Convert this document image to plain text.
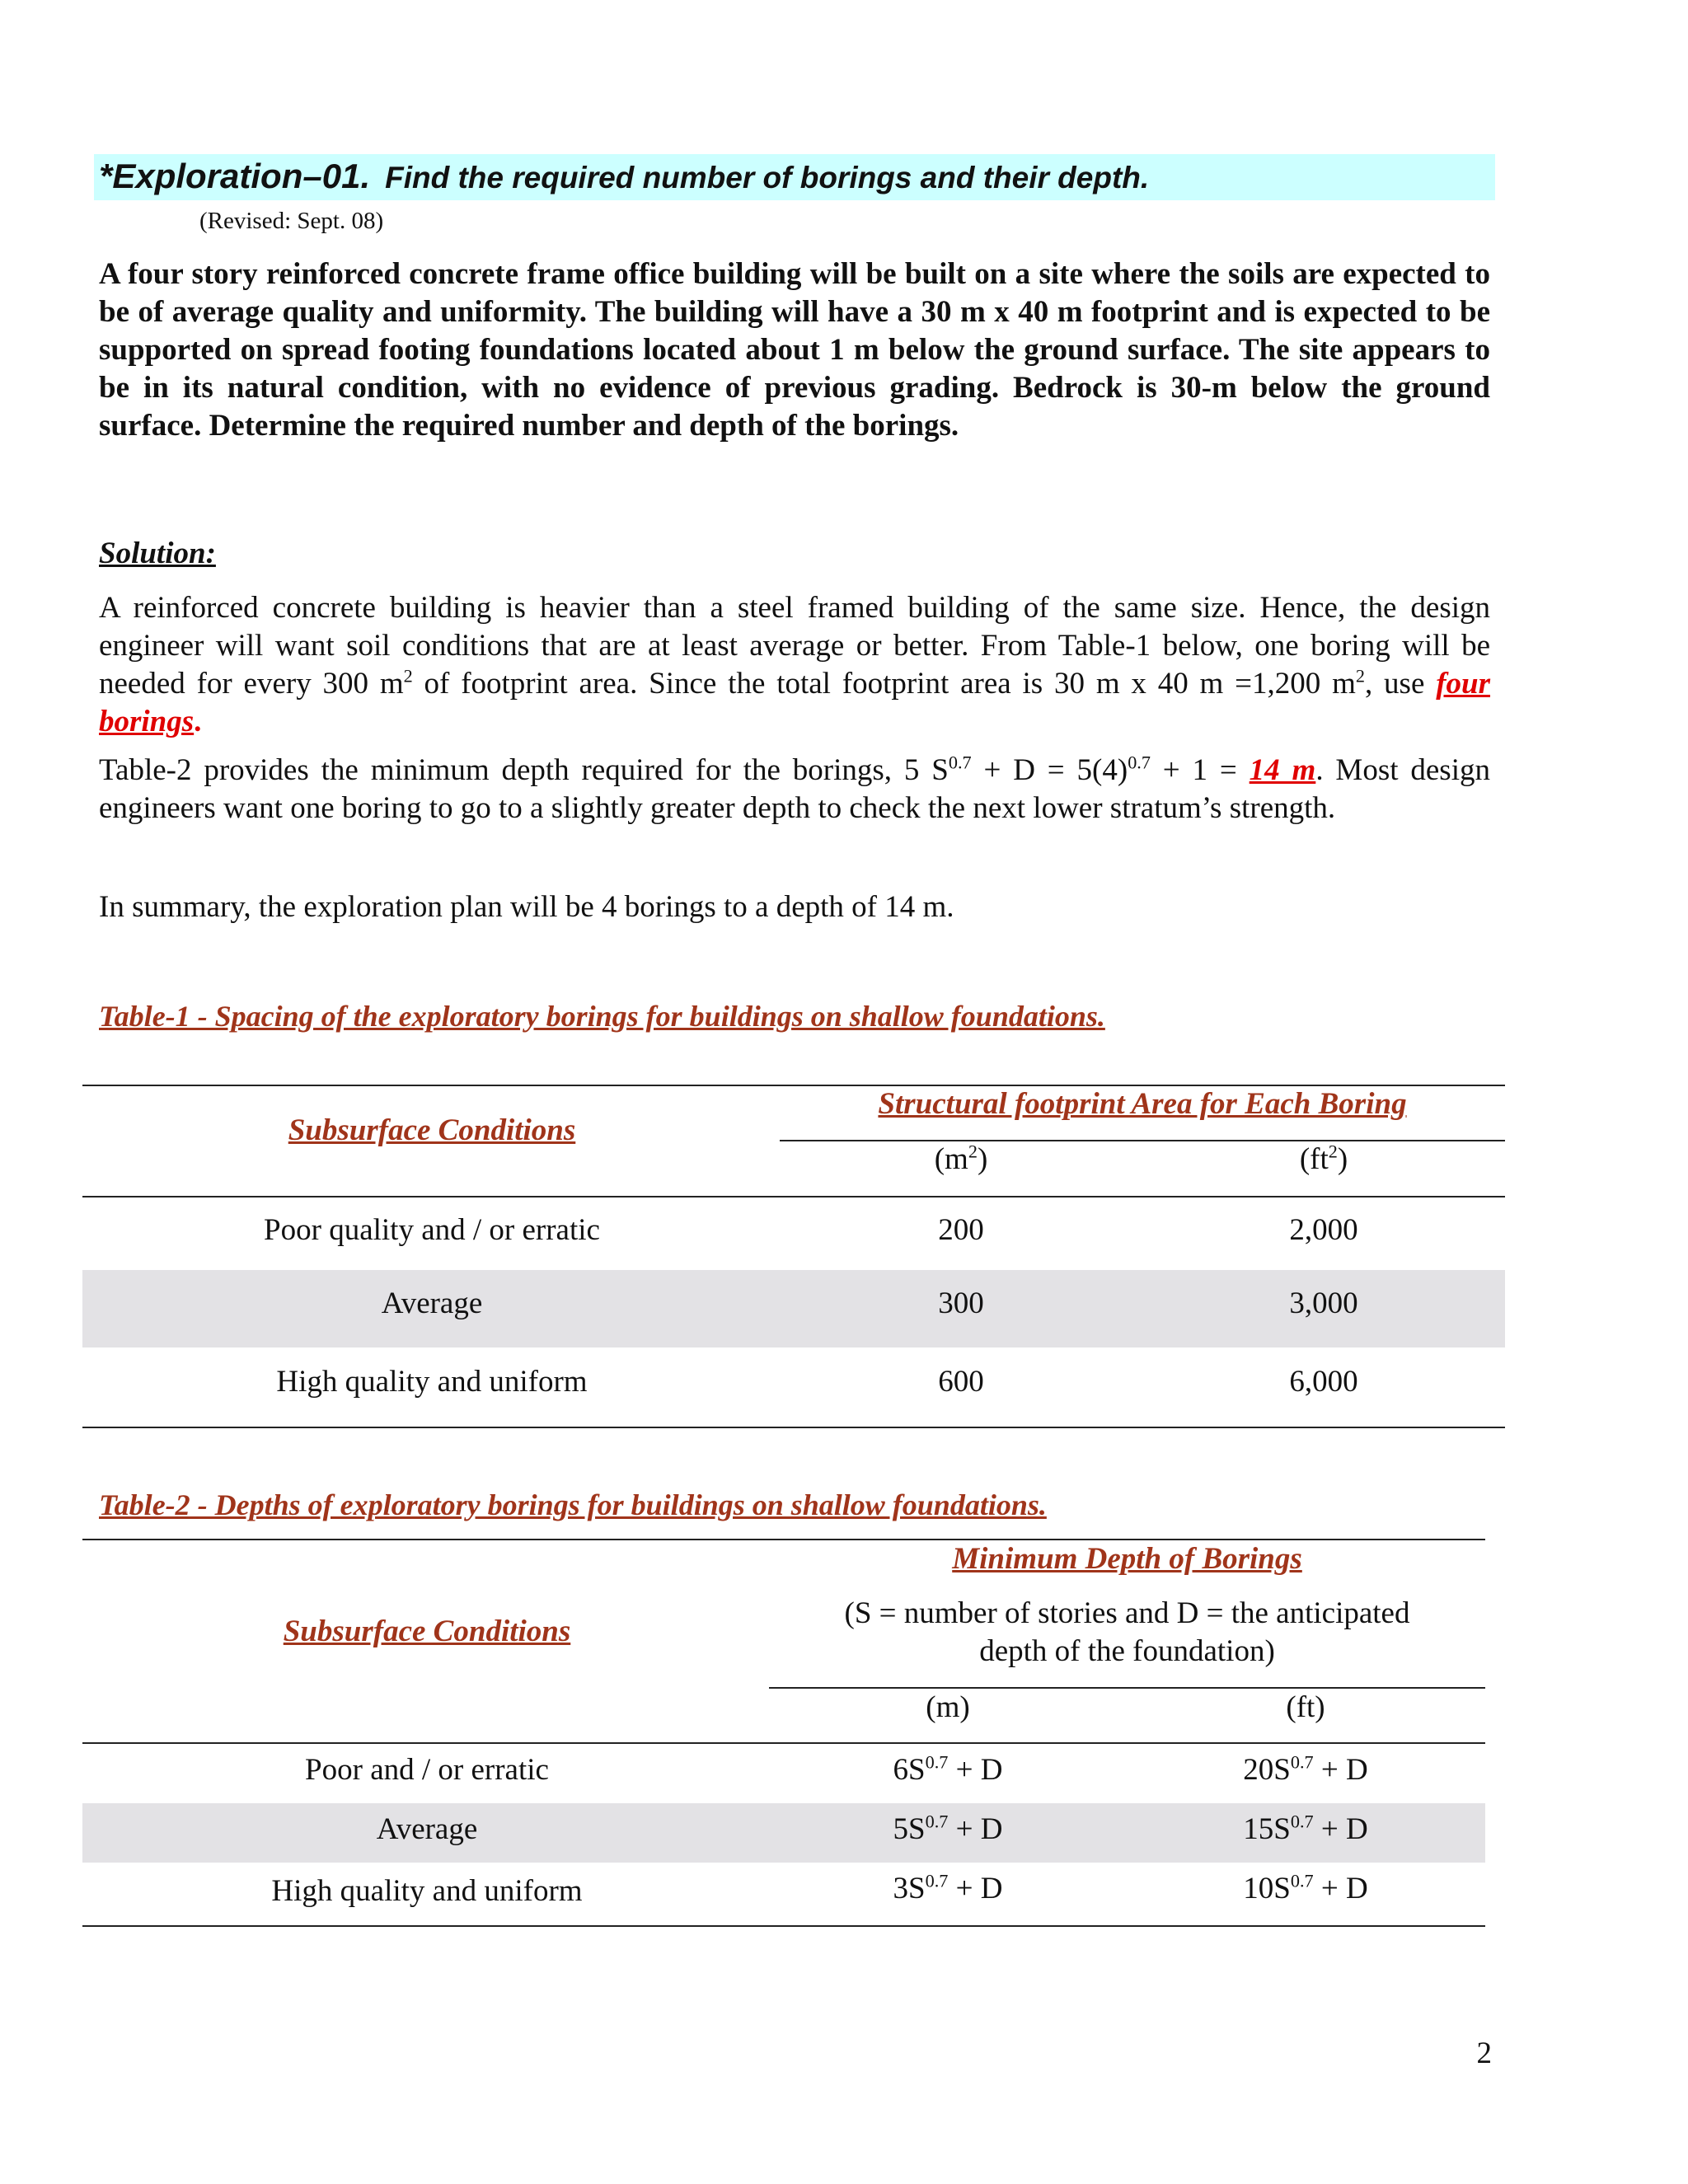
*Exploration–01. Find the required number of borings and their depth.
(Revised: Sept. 08)
A four story reinforced concrete frame office building will be built on a site where the soils are expected to be of average quality and uniformity. The building will have a 30 m x 40 m footprint and is expected to be supported on spread footing foundations located about 1 m below the ground surface. The site appears to be in its natural condition, with no evidence of previous grading. Bedrock is 30-m below the ground surface. Determine the required number and depth of the borings.
Solution:
A reinforced concrete building is heavier than a steel framed building of the same size. Hence, the design engineer will want soil conditions that are at least average or better. From Table-1 below, one boring will be needed for every 300 $m^2$ of footprint area. Since the total footprint area is 30 m x 40 m =1,200 $m^2$, use four borings.
Table-2 provides the minimum depth required for the borings, 5 $S^{0.7} + D = 5(4)^{0.7} + 1 = 14$ m. Most design engineers want one boring to go to a slightly greater depth to check the next lower stratum’s strength.
In summary, the exploration plan will be 4 borings to a depth of 14 m.
Table-1 - Spacing of the exploratory borings for buildings on shallow foundations.
Subsurface Conditions
Structural footprint Area for Each Boring
$(m^2)$	$(ft^2)$
Poor quality and / or erratic	200	2,000
Average	300	3,000
High quality and uniform	600	6,000
Table-2 - Depths of exploratory borings for buildings on shallow foundations.
Subsurface Conditions
Minimum Depth of Borings
(S = number of stories and D = the anticipated
depth of the foundation)
(m)	(ft)
Poor and / or erratic	$6S^{0.7} + D$	$20S^{0.7} + D$
Average	$5S^{0.7} + D$	$15S^{0.7} + D$
High quality and uniform	$3S^{0.7} + D$	$10S^{0.7} + D$
2
